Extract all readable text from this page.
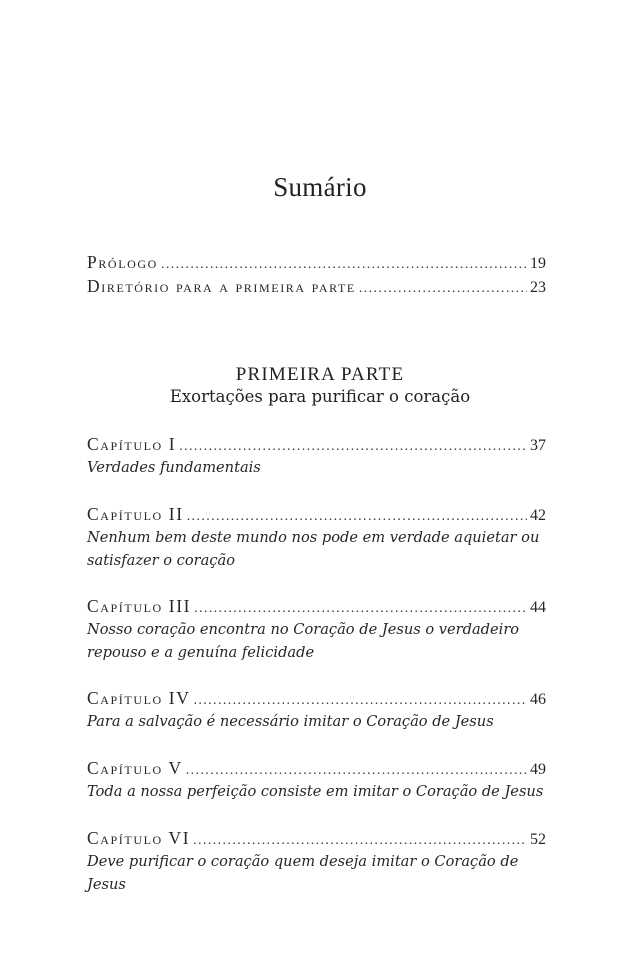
Sumário
Prólogo .....	19
Diretório para a primeira parte .....	23
PRIMEIRA PARTE
Exortações para purificar o coração
Capítulo I .....	37
Verdades fundamentais
Capítulo II .....	42
Nenhum bem deste mundo nos pode em verdade aquietar ou satisfazer o coração
Capítulo III .....	44
Nosso coração encontra no Coração de Jesus o verdadeiro repouso e a genuína felicidade
Capítulo IV .....	46
Para a salvação é necessário imitar o Coração de Jesus
Capítulo V .....	49
Toda a nossa perfeição consiste em imitar o Coração de Jesus
Capítulo VI .....	52
Deve purificar o coração quem deseja imitar o Coração de Jesus
